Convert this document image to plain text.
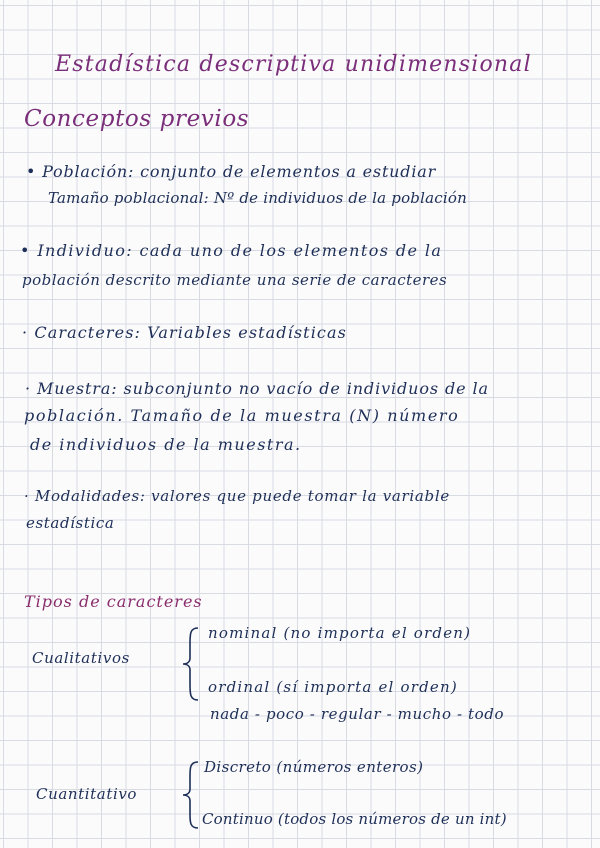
Estadística descriptiva unidimensional
Conceptos previos

• Población: conjunto de elementos a estudiar

Tamaño poblacional: Nº de individuos de la población

• Individuo: cada uno de los elementos de la

población descrito mediante una serie de caracteres

· Caracteres: Variables estadísticas

· Muestra: subconjunto no vacío de individuos de la

población. Tamaño de la muestra (N) número

de individuos de la muestra.

· Modalidades: valores que puede tomar la variable

estadística

Tipos de caracteres

Cualitativos

nominal (no importa el orden)

ordinal (sí importa el orden)

nada - poco - regular - mucho - todo

Cuantitativo

Discreto (números enteros)

Continuo (todos los números de un int)
